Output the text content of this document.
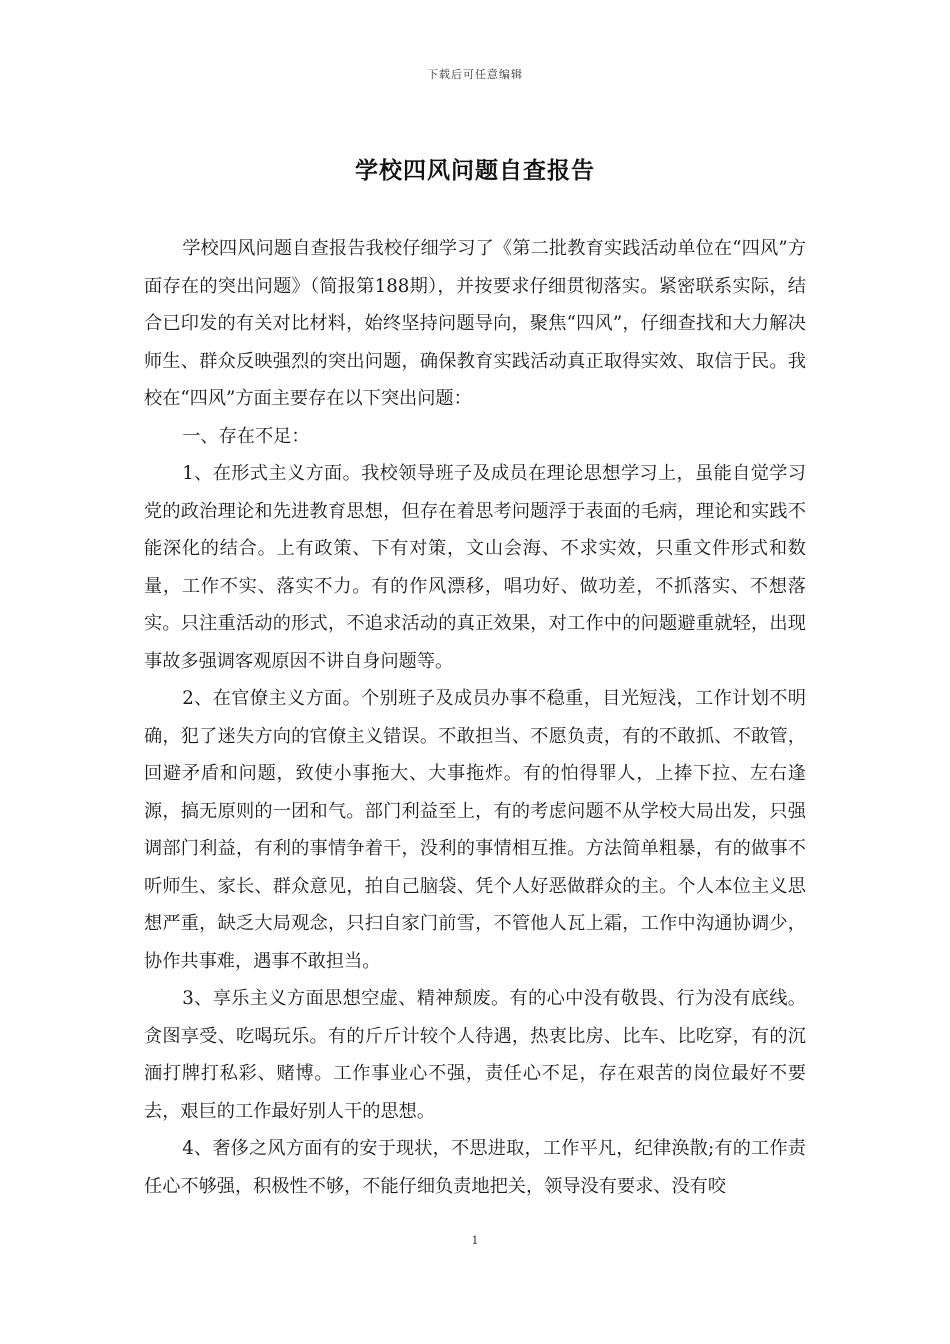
下载后可任意编辑
学校四风问题自查报告

学校四风问题自查报告我校仔细学习了《第二批教育实践活动单位在“四风”方面存在的突出问题》（简报第188期），并按要求仔细贯彻落实。紧密联系实际，结合已印发的有关对比材料，始终坚持问题导向，聚焦“四风”，仔细查找和大力解决师生、群众反映强烈的突出问题，确保教育实践活动真正取得实效、取信于民。我校在“四风”方面主要存在以下突出问题：

一、存在不足：

1、在形式主义方面。我校领导班子及成员在理论思想学习上，虽能自觉学习党的政治理论和先进教育思想，但存在着思考问题浮于表面的毛病，理论和实践不能深化的结合。上有政策、下有对策，文山会海、不求实效，只重文件形式和数量，工作不实、落实不力。有的作风漂移，唱功好、做功差，不抓落实、不想落实。只注重活动的形式，不追求活动的真正效果，对工作中的问题避重就轻，出现事故多强调客观原因不讲自身问题等。

2、在官僚主义方面。个别班子及成员办事不稳重，目光短浅，工作计划不明确，犯了迷失方向的官僚主义错误。不敢担当、不愿负责，有的不敢抓、不敢管，回避矛盾和问题，致使小事拖大、大事拖炸。有的怕得罪人，上捧下拉、左右逢源，搞无原则的一团和气。部门利益至上，有的考虑问题不从学校大局出发，只强调部门利益，有利的事情争着干，没利的事情相互推。方法简单粗暴，有的做事不听师生、家长、群众意见，拍自己脑袋、凭个人好恶做群众的主。个人本位主义思想严重，缺乏大局观念，只扫自家门前雪，不管他人瓦上霜，工作中沟通协调少，协作共事难，遇事不敢担当。

3、享乐主义方面思想空虚、精神颓废。有的心中没有敬畏、行为没有底线。贪图享受、吃喝玩乐。有的斤斤计较个人待遇，热衷比房、比车、比吃穿，有的沉湎打牌打私彩、赌博。工作事业心不强，责任心不足，存在艰苦的岗位最好不要去，艰巨的工作最好别人干的思想。

4、奢侈之风方面有的安于现状，不思进取，工作平凡，纪律涣散;有的工作责任心不够强，积极性不够，不能仔细负责地把关，领导没有要求、没有咬

1
